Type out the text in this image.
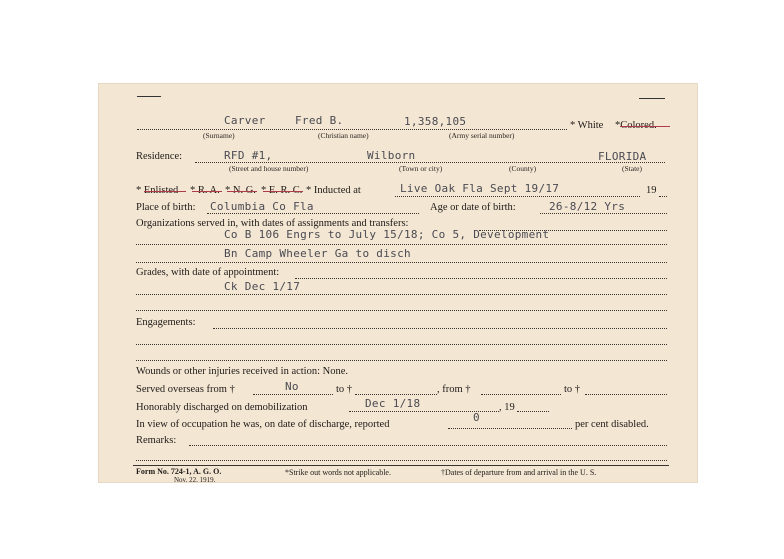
Carver	Fred B.	1,358,105	* White *Colored.
(Surname)	(Christian name)	(Army serial number)
Residence:	RFD #1,	Wilborn	FLORIDA
(Street and house number)	(Town or city)	(County)	(State)
* Enlisted * R. A. * N. G. * E. R. C. * Inducted at	Live Oak Fla Sept 19/17	19
Place of birth: Columbia Co Fla	Age or date of birth:	26-8/12 Yrs
Organizations served in, with dates of assignments and transfers:
Co B 106 Engrs to July 15/18; Co 5, Development
Bn Camp Wheeler Ga to disch
Grades, with date of appointment:
Ck Dec 1/17
Engagements:
Wounds or other injuries received in action: None.
Served overseas from †	No	to †	, from †	to †
Honorably discharged on demobilization	Dec 1/18	, 19
In view of occupation he was, on date of discharge, reported
0
per cent disabled.
Remarks:
Form No. 724-1, A. G. O.
Nov. 22, 1919.
*Strike out words not applicable.	†Dates of departure from and arrival in the U. S.
